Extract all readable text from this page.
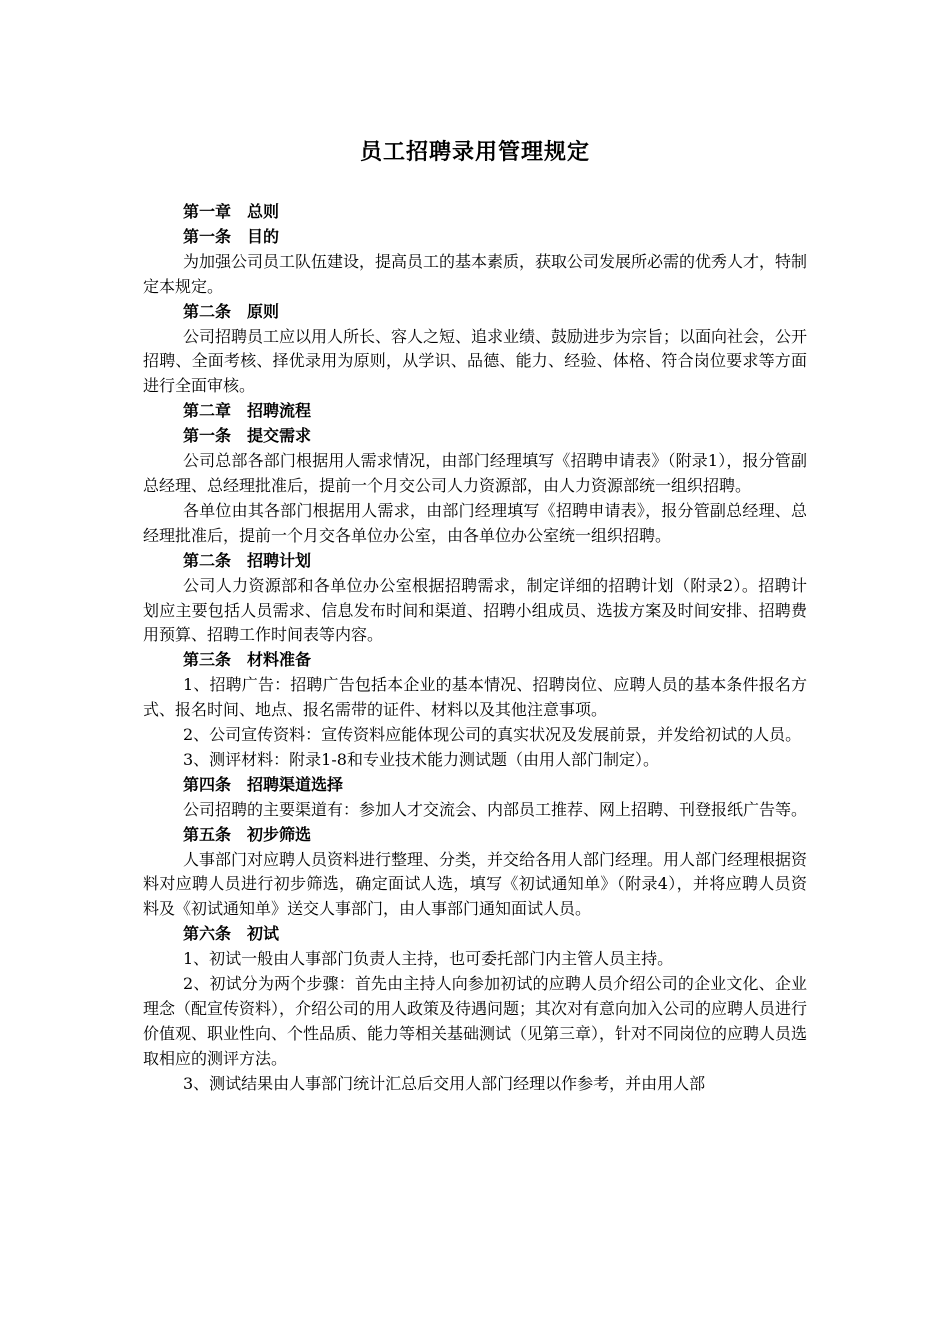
员工招聘录用管理规定

第一章　总则

第一条　目的

为加强公司员工队伍建设，提高员工的基本素质，获取公司发展所必需的优秀人才，特制定本规定。

第二条　原则

公司招聘员工应以用人所长、容人之短、追求业绩、鼓励进步为宗旨；以面向社会，公开招聘、全面考核、择优录用为原则，从学识、品德、能力、经验、体格、符合岗位要求等方面进行全面审核。

第二章　招聘流程

第一条　提交需求

公司总部各部门根据用人需求情况，由部门经理填写《招聘申请表》（附录1），报分管副总经理、总经理批准后，提前一个月交公司人力资源部，由人力资源部统一组织招聘。

各单位由其各部门根据用人需求，由部门经理填写《招聘申请表》，报分管副总经理、总经理批准后，提前一个月交各单位办公室，由各单位办公室统一组织招聘。

第二条　招聘计划

公司人力资源部和各单位办公室根据招聘需求，制定详细的招聘计划（附录2）。招聘计划应主要包括人员需求、信息发布时间和渠道、招聘小组成员、选拔方案及时间安排、招聘费用预算、招聘工作时间表等内容。

第三条　材料准备

1、招聘广告：招聘广告包括本企业的基本情况、招聘岗位、应聘人员的基本条件报名方式、报名时间、地点、报名需带的证件、材料以及其他注意事项。

2、公司宣传资料：宣传资料应能体现公司的真实状况及发展前景，并发给初试的人员。

3、测评材料：附录1-8和专业技术能力测试题（由用人部门制定）。

第四条　招聘渠道选择

公司招聘的主要渠道有：参加人才交流会、内部员工推荐、网上招聘、刊登报纸广告等。

第五条　初步筛选

人事部门对应聘人员资料进行整理、分类，并交给各用人部门经理。用人部门经理根据资料对应聘人员进行初步筛选，确定面试人选，填写《初试通知单》（附录4），并将应聘人员资料及《初试通知单》送交人事部门，由人事部门通知面试人员。

第六条　初试

1、初试一般由人事部门负责人主持，也可委托部门内主管人员主持。

2、初试分为两个步骤：首先由主持人向参加初试的应聘人员介绍公司的企业文化、企业理念（配宣传资料），介绍公司的用人政策及待遇问题；其次对有意向加入公司的应聘人员进行价值观、职业性向、个性品质、能力等相关基础测试（见第三章），针对不同岗位的应聘人员选取相应的测评方法。

3、测试结果由人事部门统计汇总后交用人部门经理以作参考，并由用人部
